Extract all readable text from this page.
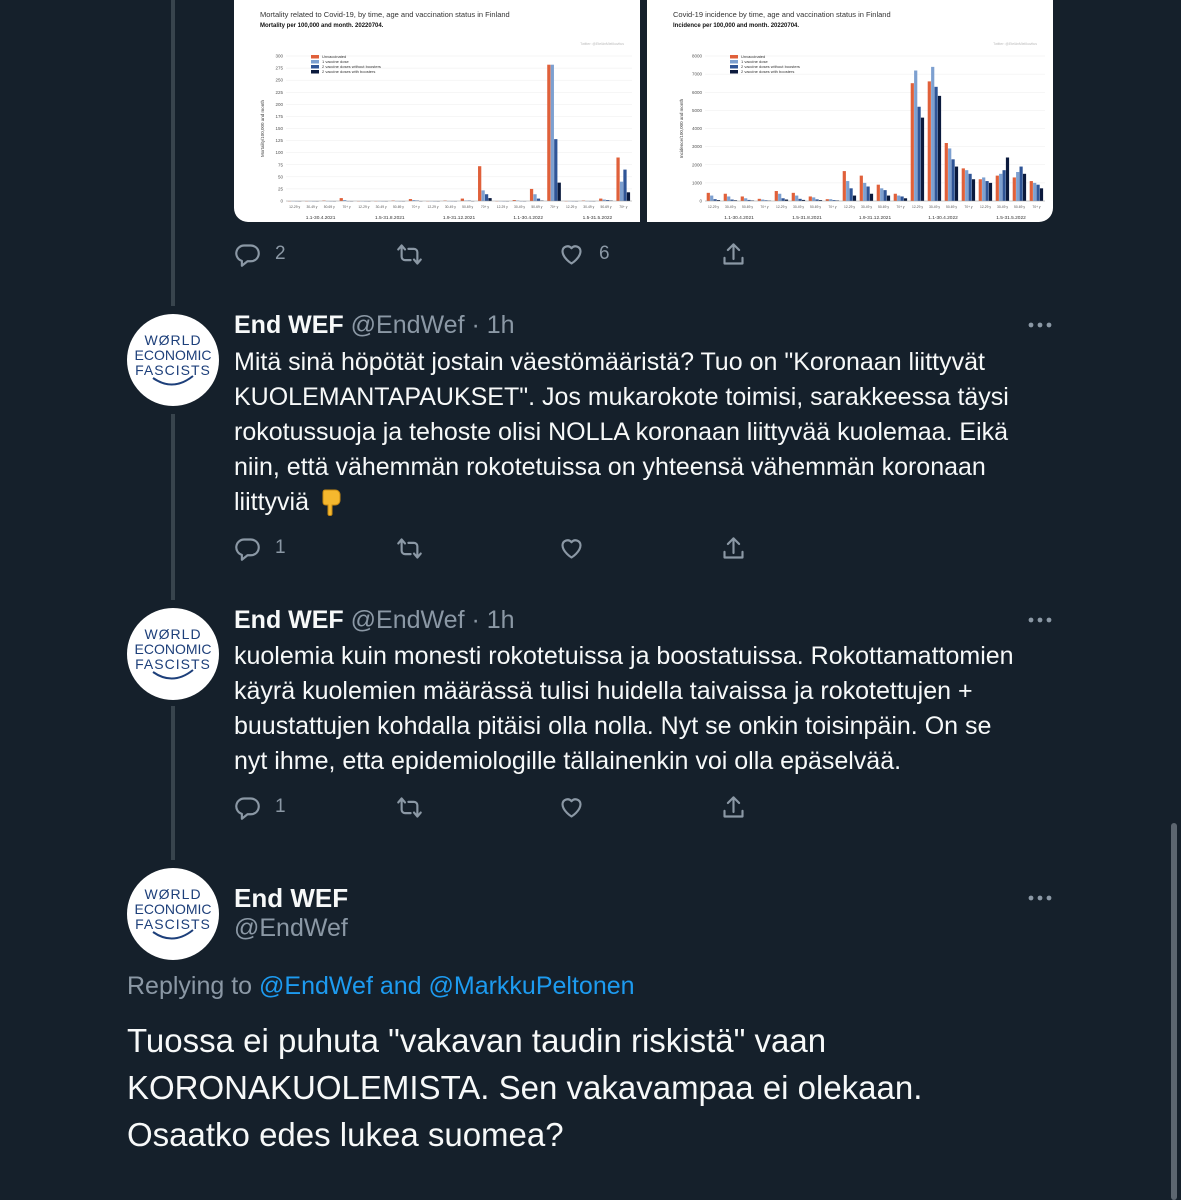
Mortality related to Covid-19, by time, age and vaccination status in Finland
Mortality per 100,000 and month. 20220704.
Twitter: @EtelänMielikuvitus
0
25
50
75
100
125
150
175
200
225
250
275
300
Mortality/100,000 and month
Unvaccinated
1 vaccine dose
2 vaccine doses without boosters
2 vaccine doses with boosters
12-29 y 30-49 y 50-69 y 70+ y 12-29 y 30-49 y 50-69 y 70+ y 12-29 y 30-49 y 50-69 y 70+ y 12-29 y 30-49 y 50-69 y 70+ y 12-29 y 30-49 y 50-69 y 70+ y
1.1-30.4.2021	1.5-31.8.2021	1.9-31.12.2021	1.1-30.4.2022	1.5-31.5.2022
Covid-19 incidence by time, age and vaccination status in Finland
Incidence per 100,000 and month. 20220704.
Twitter: @EtelänMielikuvitus
0
1000
2000
3000
4000
5000
6000
7000
8000
Incidence/100,000 and month
Unvaccinated
1 vaccine dose
2 vaccine doses without boosters
2 vaccine doses with boosters
12-29 y 30-49 y 50-69 y 70+ y 12-29 y 30-49 y 50-69 y 70+ y 12-29 y 30-49 y 50-69 y 70+ y 12-29 y 30-49 y 50-69 y 70+ y 12-29 y 30-49 y 50-69 y 70+ y
1.1-30.4.2021	1.5-31.8.2021	1.9-31.12.2021	1.1-30.4.2022	1.5-31.5.2022
2	6
WØRLD
ECONOMIC
FASCISTS
End WEF @EndWef · 1h
Mitä sinä höpötät jostain väestömääristä? Tuo on "Koronaan liittyvät
KUOLEMANTAPAUKSET". Jos mukarokote toimisi, sarakkeessa täysi
rokotussuoja ja tehoste olisi NOLLA koronaan liittyvää kuolemaa. Eikä
niin, että vähemmän rokotetuissa on yhteensä vähemmän koronaan
liittyviä
1
WØRLD
ECONOMIC
FASCISTS
End WEF @EndWef · 1h
kuolemia kuin monesti rokotetuissa ja boostatuissa. Rokottamattomien
käyrä kuolemien määrässä tulisi huidella taivaissa ja rokotettujen +
buustattujen kohdalla pitäisi olla nolla. Nyt se onkin toisinpäin. On se
nyt ihme, etta epidemiologille tällainenkin voi olla epäselvää.
1
WØRLD
ECONOMIC
FASCISTS
End WEF
@EndWef
Replying to @EndWef and @MarkkuPeltonen
Tuossa ei puhuta "vakavan taudin riskistä" vaan
KORONAKUOLEMISTA. Sen vakavampaa ei olekaan.
Osaatko edes lukea suomea?
